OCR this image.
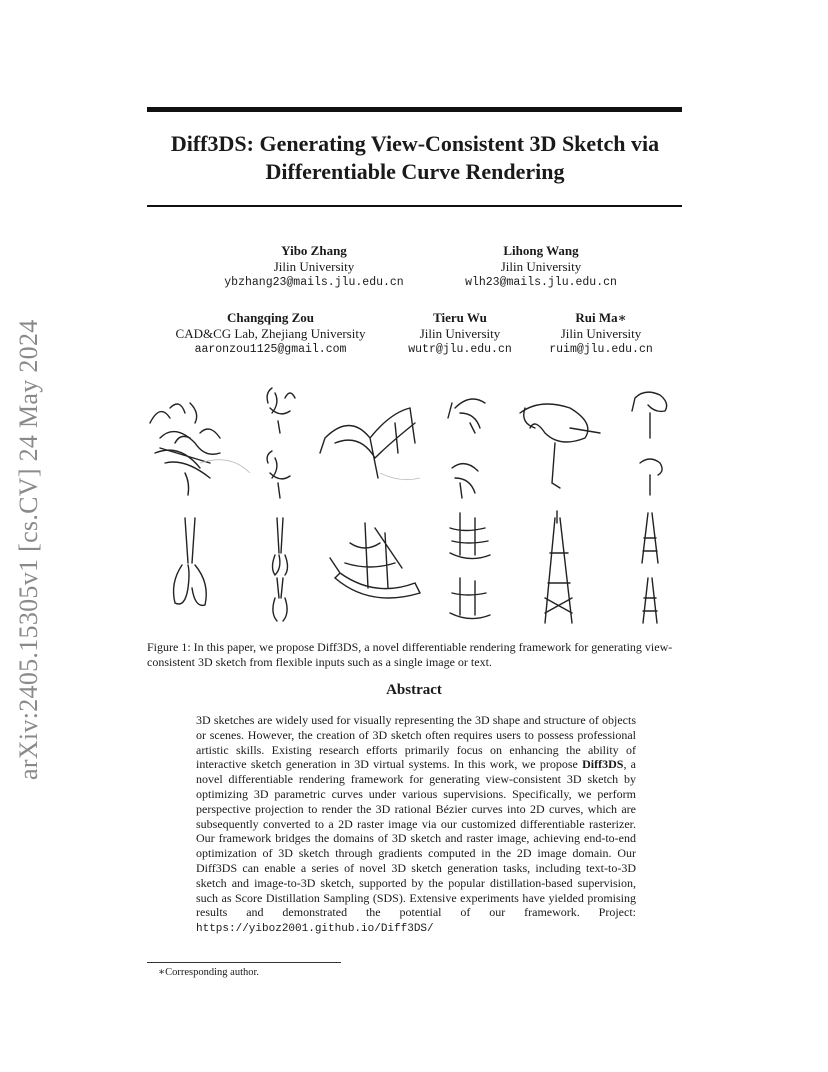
arXiv:2405.15305v1 [cs.CV] 24 May 2024
Diff3DS: Generating View-Consistent 3D Sketch via
Differentiable Curve Rendering
Yibo Zhang
Jilin University
ybzhang23@mails.jlu.edu.cn
Lihong Wang
Jilin University
wlh23@mails.jlu.edu.cn
Changqing Zou
CAD&CG Lab, Zhejiang University
aaronzou1125@gmail.com
Tieru Wu
Jilin University
wutr@jlu.edu.cn
Rui Ma∗
Jilin University
ruim@jlu.edu.cn
Figure 1: In this paper, we propose Diff3DS, a novel differentiable rendering framework for generating view-consistent 3D sketch from flexible inputs such as a single image or text.
Abstract
3D sketches are widely used for visually representing the 3D shape and structure of objects or scenes. However, the creation of 3D sketch often requires users to possess professional artistic skills. Existing research efforts primarily focus on enhancing the ability of interactive sketch generation in 3D virtual systems. In this work, we propose Diff3DS, a novel differentiable rendering framework for generating view-consistent 3D sketch by optimizing 3D parametric curves under various supervisions. Specifically, we perform perspective projection to render the 3D rational Bézier curves into 2D curves, which are subsequently converted to a 2D raster image via our customized differentiable rasterizer. Our framework bridges the domains of 3D sketch and raster image, achieving end-to-end optimization of 3D sketch through gradients computed in the 2D image domain. Our Diff3DS can enable a series of novel 3D sketch generation tasks, including text-to-3D sketch and image-to-3D sketch, supported by the popular distillation-based supervision, such as Score Distillation Sampling (SDS). Extensive experiments have yielded promising results and demonstrated the potential of our framework. Project: https://yiboz2001.github.io/Diff3DS/
∗Corresponding author.
